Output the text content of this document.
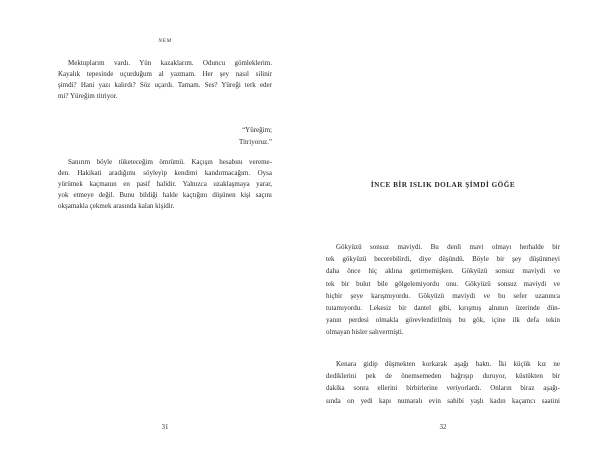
NEM

Mektuplarım vardı. Yün kazaklarım. Oduncu gömleklerim.
Kayalık tepesinde uçurduğum al yazmam. Her şey nasıl silinir
şimdi? Hani yazı kalırdı? Söz uçardı. Tamam. Ses? Yüreği terk eder
mi? Yüreğim titriyor.

“Yüreğim;
Titriyoruz.”

Sanırım böyle tüketeceğim ömrümü. Kaçışın hesabını vereme-
den. Hakikati aradığımı söyleyip kendimi kandırmacağım. Oysa
yürümek kaçmanın en pasif halidir. Yalnızca uzaklaşmaya yarar,
yok etmeye değil. Bunu bildiği halde kaçtığını düşünen kişi saçını
okşamakla çekmek arasında kalan kişidir.

31
İNCE BİR ISLIK DOLAR ŞİMDİ GÖĞE

Gökyüzü sonsuz maviydi. Bu denli mavi olmayı herhalde bir
tek gökyüzü becerebilirdi, diye düşündü. Böyle bir şey düşünmeyi
daha önce hiç aklına getirmemişken. Gökyüzü sonsuz maviydi ve
tek bir bulut bile gölgelemiyordu onu. Gökyüzü sonsuz maviydi ve
hiçbir şeye karışmıyordu. Gökyüzü maviydi ve bu sefer uzanınca
tutamıyordu. Lekesiz bir dantel gibi, kırışmış alnının üzerinde dün-
yanın perdesi olmakla görevlendirilmiş bu gök, içine ilk defa tekin
olmayan hisler salıvermişti.

Kenara gidip düşmekten korkarak aşağı baktı. İki küçük kız ne
dediklerini pek de önemsemeden bağrışıp duruyor, küstükten bir
dakika sonra ellerini birbirlerine veriyorlardı. Onların biraz aşağı-
sında on yedi kapı numaralı evin sahibi yaşlı kadın kaçamcı saatini

32
